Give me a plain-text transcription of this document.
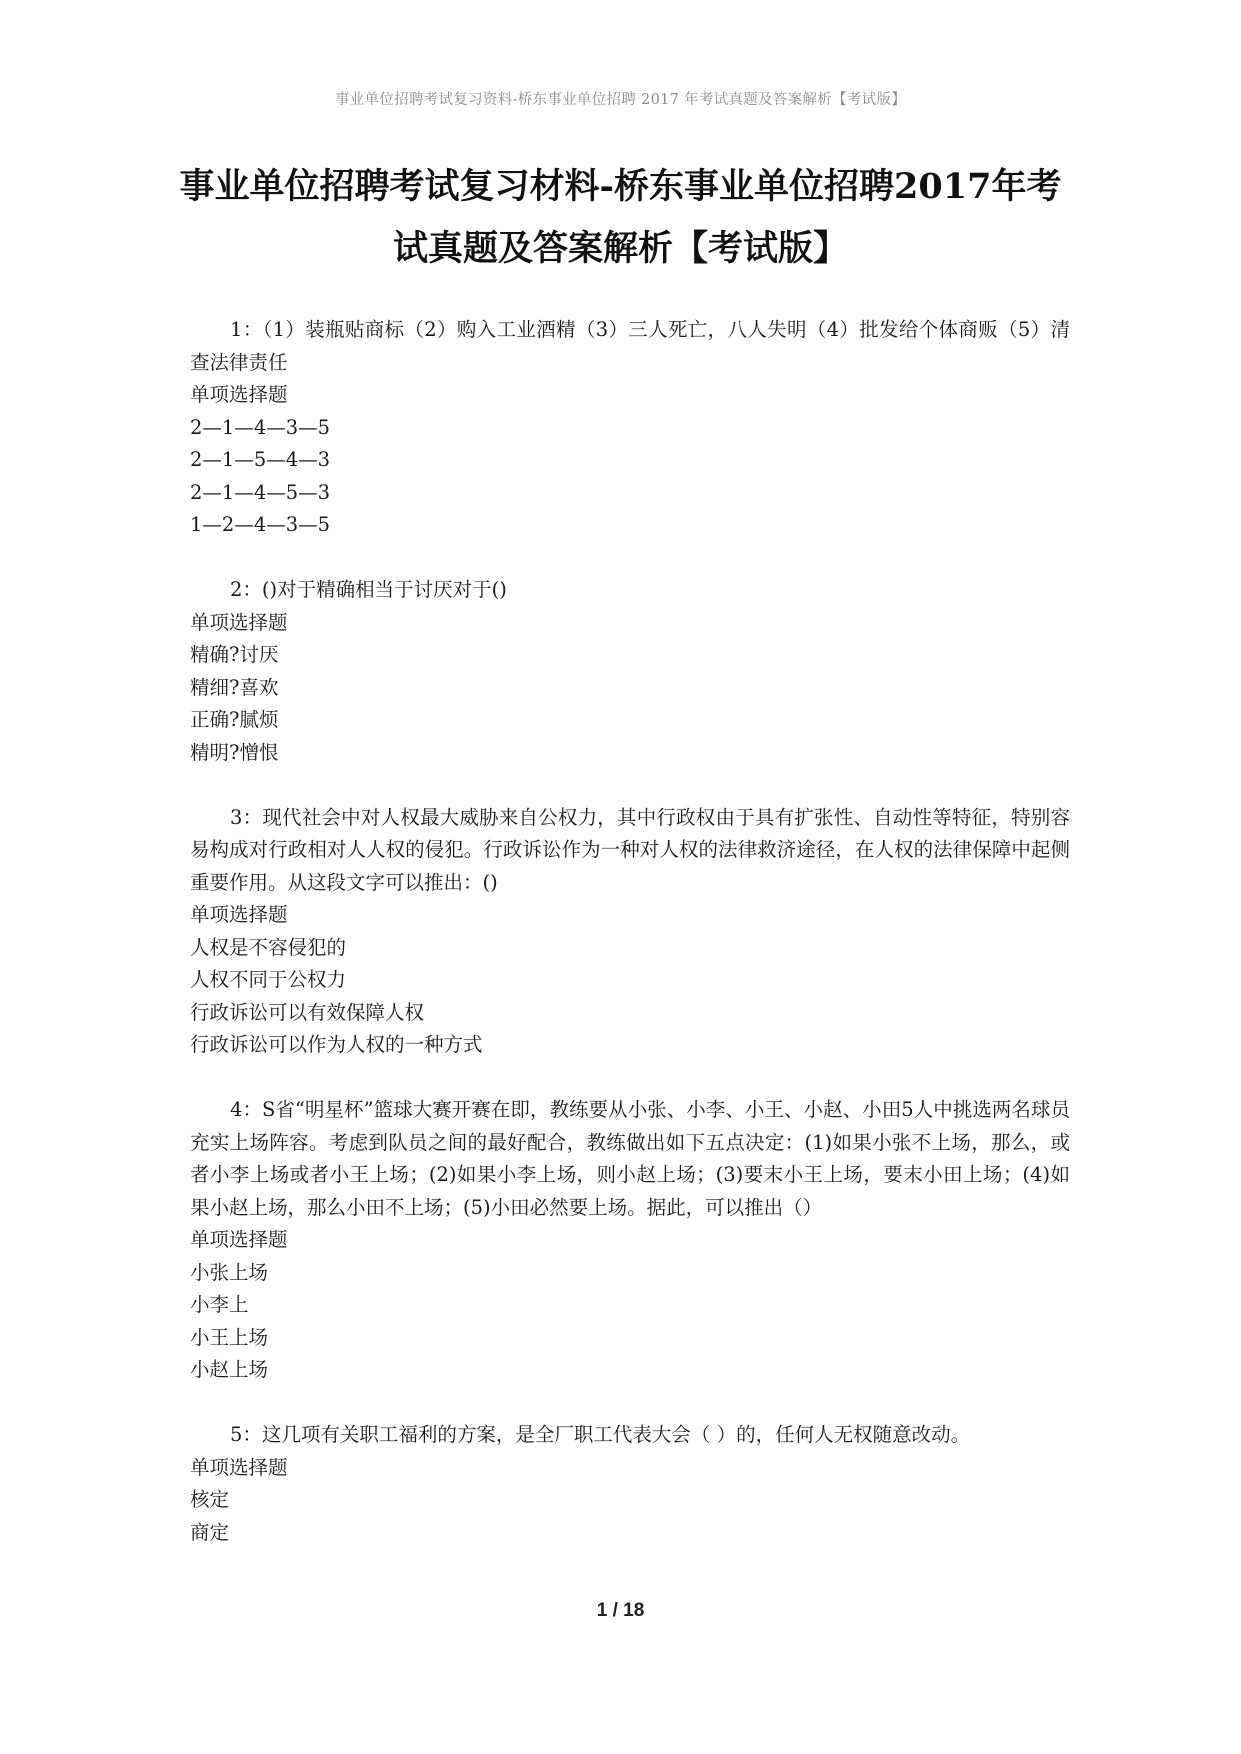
事业单位招聘考试复习资料-桥东事业单位招聘 2017 年考试真题及答案解析【考试版】
事业单位招聘考试复习材料-桥东事业单位招聘2017年考
试真题及答案解析【考试版】
1：（1）装瓶贴商标（2）购入工业酒精（3）三人死亡，八人失明（4）批发给个体商贩（5）清查法律责任
单项选择题
2—1—4—3—5
2—1—5—4—3
2—1—4—5—3
1—2—4—3—5
2：()对于精确相当于讨厌对于()
单项选择题
精确?讨厌
精细?喜欢
正确?腻烦
精明?憎恨
3：现代社会中对人权最大威胁来自公权力，其中行政权由于具有扩张性、自动性等特征，特别容易构成对行政相对人人权的侵犯。行政诉讼作为一种对人权的法律救济途径，在人权的法律保障中起侧重要作用。从这段文字可以推出：()
单项选择题
人权是不容侵犯的
人权不同于公权力
行政诉讼可以有效保障人权
行政诉讼可以作为人权的一种方式
4：S省“明星杯”篮球大赛开赛在即，教练要从小张、小李、小王、小赵、小田5人中挑选两名球员充实上场阵容。考虑到队员之间的最好配合，教练做出如下五点决定：(1)如果小张不上场，那么，或者小李上场或者小王上场；(2)如果小李上场，则小赵上场；(3)要末小王上场，要末小田上场；(4)如果小赵上场，那么小田不上场；(5)小田必然要上场。据此，可以推出（）
单项选择题
小张上场
小李上
小王上场
小赵上场
5：这几项有关职工福利的方案，是全厂职工代表大会（ ）的，任何人无权随意改动。
单项选择题
核定
商定
1 / 18
